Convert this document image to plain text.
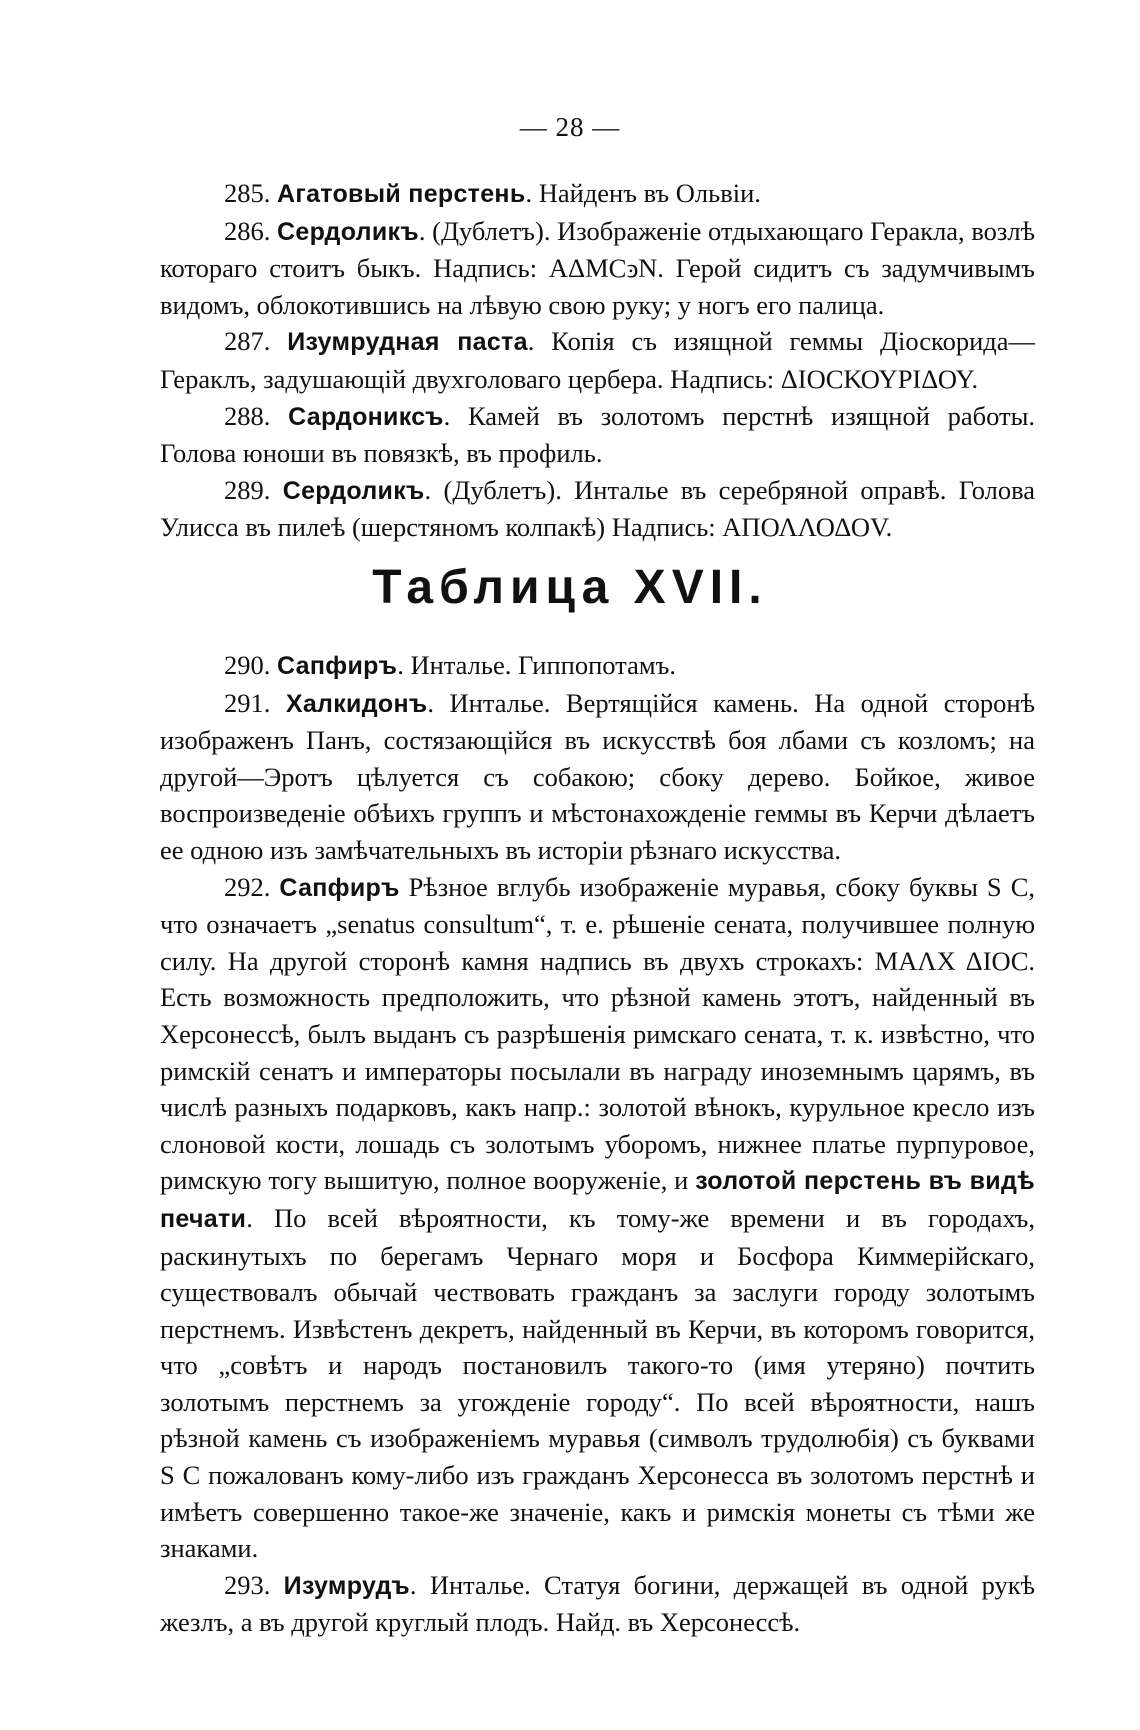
— 28 —

285. Агатовый перстень. Найденъ въ Ольвіи.

286. Сердоликъ. (Дублетъ). Изображеніе отдыхающаго Геракла, возлѣ котораго стоитъ быкъ. Надпись: ΑΔΜϹͽΝ. Герой сидитъ съ задумчивымъ видомъ, облокотившись на лѣвую свою руку; у ногъ его палица.

287. Изумрудная паста. Копія съ изящной геммы Діоскорида— Гераклъ, задушающій двухголоваго цербера. Надпись: ΔΙΟϹΚΟΥΡΙΔΟΥ.

288. Сардониксъ. Камей въ золотомъ перстнѣ изящной работы. Голова юноши въ повязкѣ, въ профиль.

289. Сердоликъ. (Дублетъ). Инталье въ серебряной оправѣ. Голова Улисса въ пилеѣ (шерстяномъ колпакѣ) Надпись: ΑΠΟΛΛΟΔΟV.

Таблица XVII.

290. Сапфиръ. Инталье. Гиппопотамъ.

291. Халкидонъ. Инталье. Вертящійся камень. На одной сторонѣ изображенъ Панъ, состязающійся въ искусствѣ боя лбами съ козломъ; на другой—Эротъ цѣлуется съ собакою; сбоку дерево. Бойкое, живое воспроизведеніе обѣихъ группъ и мѣстонахожденіе геммы въ Керчи дѣлаетъ ее одною изъ замѣчательныхъ въ исторіи рѣзнаго искусства.

292. Сапфиръ Рѣзное вглубь изображеніе муравья, сбоку буквы S С, что означаетъ „senatus consultum“, т. е. рѣшеніе сената, получившее полную силу. На другой сторонѣ камня надпись въ двухъ строкахъ: ΜΑΛΧ ΔΙΟϹ. Есть возможность предположить, что рѣзной камень этотъ, найденный въ Херсонессѣ, былъ выданъ съ разрѣшенія римскаго сената, т. к. извѣстно, что римскій сенатъ и императоры посылали въ награду иноземнымъ царямъ, въ числѣ разныхъ подарковъ, какъ напр.: золотой вѣнокъ, курульное кресло изъ слоновой кости, лошадь съ золотымъ уборомъ, нижнее платье пурпуровое, римскую тогу вышитую, полное вооруженіе, и золотой перстень въ видѣ печати. По всей вѣроятности, къ тому-же времени и въ городахъ, раскинутыхъ по берегамъ Чернаго моря и Босфора Киммерійскаго, существовалъ обычай чествовать гражданъ за заслуги городу золотымъ перстнемъ. Извѣстенъ декретъ, найденный въ Керчи, въ которомъ говорится, что „совѣтъ и народъ постановилъ такого-то (имя утеряно) почтить золотымъ перстнемъ за угожденіе городу“. По всей вѣроятности, нашъ рѣзной камень съ изображеніемъ муравья (символъ трудолюбія) съ буквами S С пожалованъ кому-либо изъ гражданъ Херсонесса въ золотомъ перстнѣ и имѣетъ совершенно такое-же значеніе, какъ и римскія монеты съ тѣми же знаками.

293. Изумрудъ. Инталье. Статуя богини, держащей въ одной рукѣ жезлъ, а въ другой круглый плодъ. Найд. въ Херсонессѣ.
